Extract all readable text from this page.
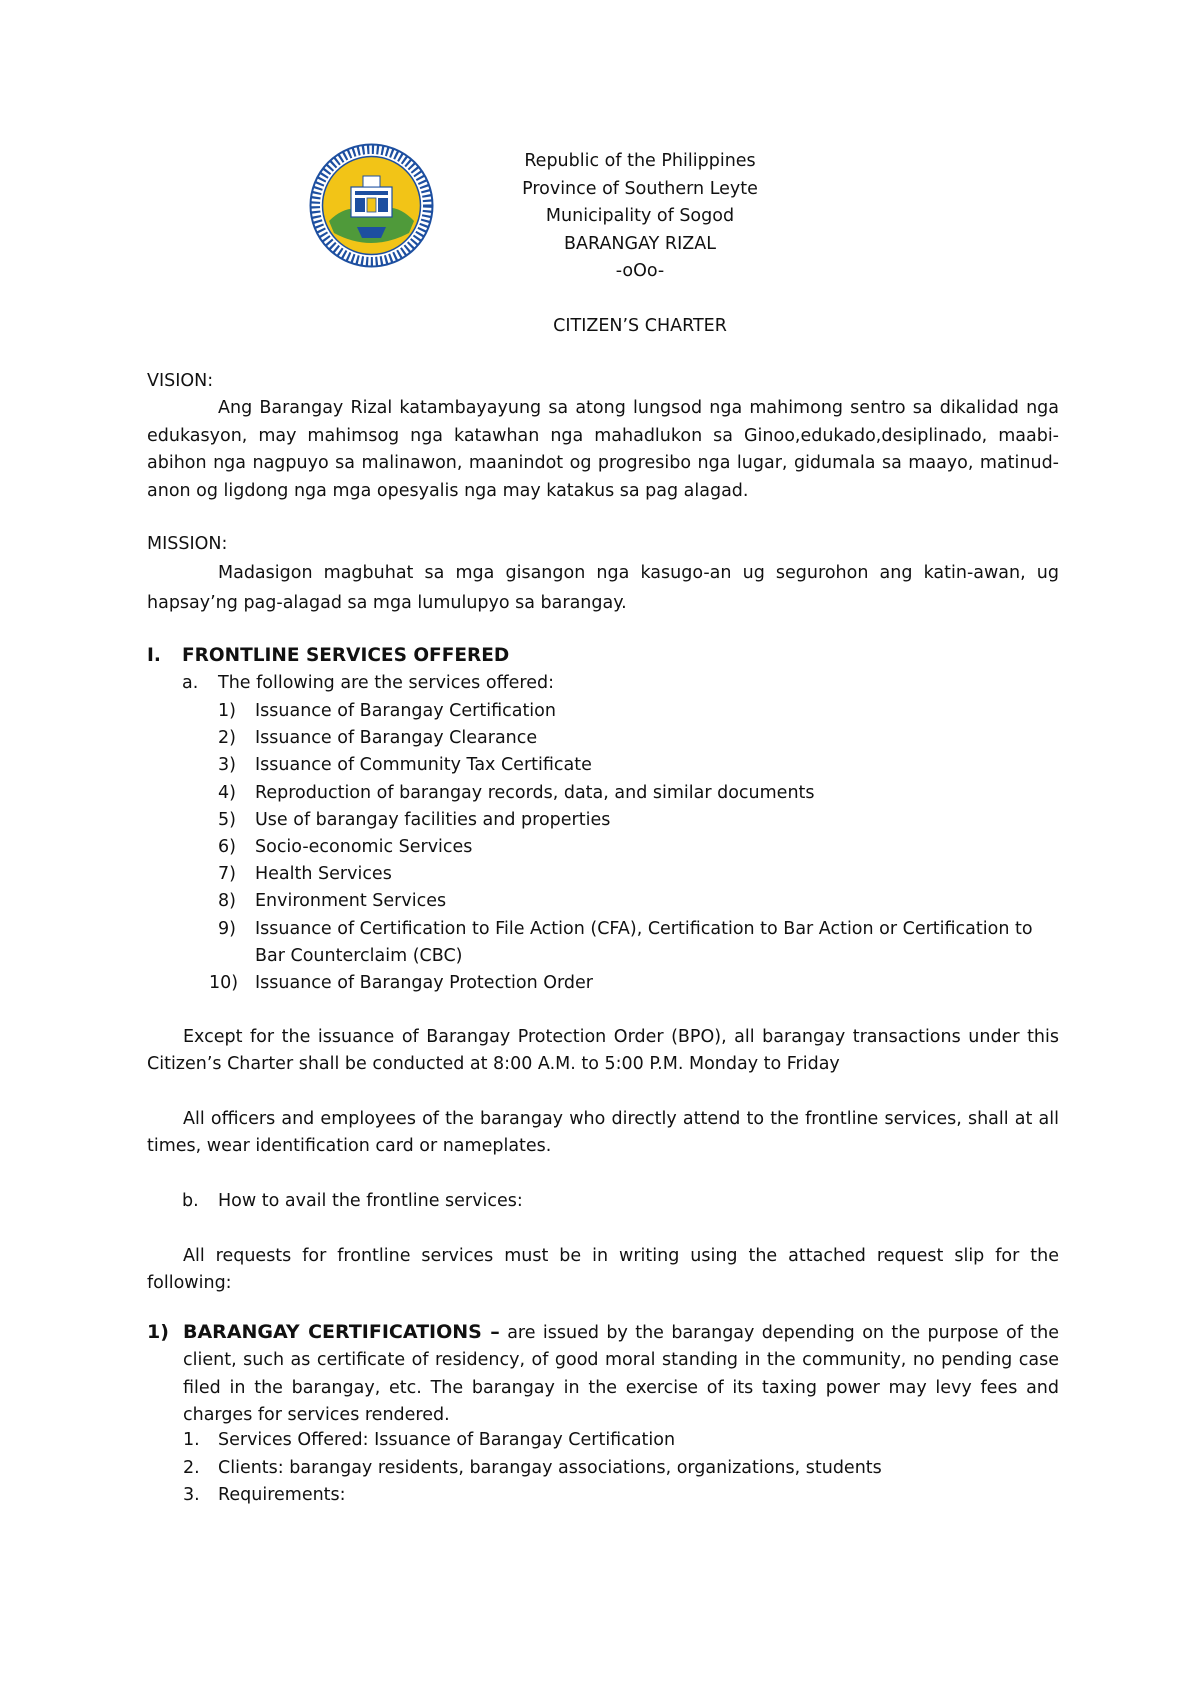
Republic of the Philippines
Province of Southern Leyte
Municipality of Sogod
BARANGAY RIZAL
-oOo-
CITIZEN’S CHARTER
VISION:
Ang Barangay Rizal katambayayung sa atong lungsod nga mahimong sentro sa dikalidad nga edukasyon, may mahimsog nga katawhan nga mahadlukon sa Ginoo,edukado,desiplinado, maabi-abihon nga nagpuyo sa malinawon, maanindot og progresibo nga lugar, gidumala sa maayo, matinud-anon og ligdong nga mga opesyalis nga may katakus sa pag alagad.
MISSION:
Madasigon magbuhat sa mga gisangon nga kasugo-an ug segurohon ang katin-awan, ug hapsay’ng pag-alagad sa mga lumulupyo sa barangay.
I. FRONTLINE SERVICES OFFERED
a. The following are the services offered:
1) Issuance of Barangay Certification
2) Issuance of Barangay Clearance
3) Issuance of Community Tax Certificate
4) Reproduction of barangay records, data, and similar documents
5) Use of barangay facilities and properties
6) Socio-economic Services
7) Health Services
8) Environment Services
9) Issuance of Certification to File Action (CFA), Certification to Bar Action or Certification to Bar Counterclaim (CBC)
10) Issuance of Barangay Protection Order
Except for the issuance of Barangay Protection Order (BPO), all barangay transactions under this Citizen’s Charter shall be conducted at 8:00 A.M. to 5:00 P.M. Monday to Friday
All officers and employees of the barangay who directly attend to the frontline services, shall at all times, wear identification card or nameplates.
b. How to avail the frontline services:
All requests for frontline services must be in writing using the attached request slip for the following:
1) BARANGAY CERTIFICATIONS – are issued by the barangay depending on the purpose of the client, such as certificate of residency, of good moral standing in the community, no pending case filed in the barangay, etc. The barangay in the exercise of its taxing power may levy fees and charges for services rendered.
1. Services Offered: Issuance of Barangay Certification
2. Clients: barangay residents, barangay associations, organizations, students
3. Requirements:
